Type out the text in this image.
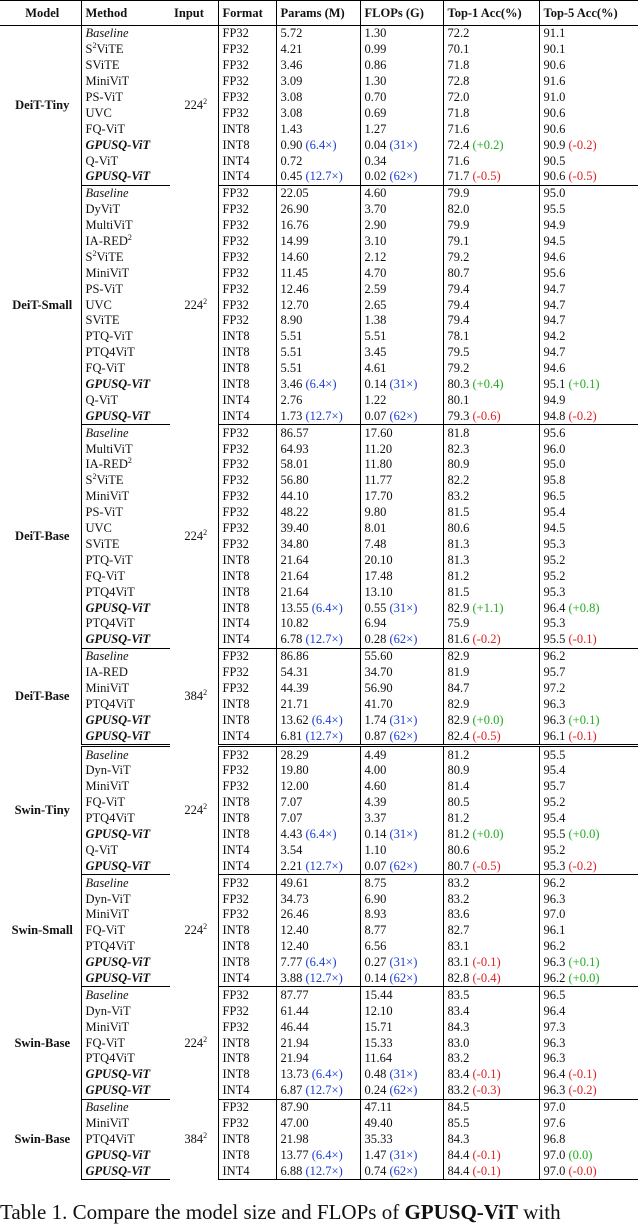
Model	Method	Input	Format	Params (M)	FLOPs (G)	Top-1 Acc(%)	Top-5 Acc(%)
DeiT-Tiny	Baseline	$224^2$	FP32	5.72	1.30	72.2	91.1
	$S^2ViTE$		FP32	4.21	0.99	70.1	90.1
	SViTE		FP32	3.46	0.86	71.8	90.6
	MiniViT		FP32	3.09	1.30	72.8	91.6
	PS-ViT		FP32	3.08	0.70	72.0	91.0
	UVC		FP32	3.08	0.69	71.8	90.6
	FQ-ViT		INT8	1.43	1.27	71.6	90.6
	GPUSQ-ViT		INT8	0.90 (6.4×)	0.04 (31×)	72.4 (+0.2)	90.9 (-0.2)
	Q-ViT		INT4	0.72	0.34	71.6	90.5
	GPUSQ-ViT		INT4	0.45 (12.7×)	0.02 (62×)	71.7 (-0.5)	90.6 (-0.5)
DeiT-Small	Baseline	$224^2$	FP32	22.05	4.60	79.9	95.0
	DyViT		FP32	26.90	3.70	82.0	95.5
	MultiViT		FP32	16.76	2.90	79.9	94.9
	IA-RED$^2$		FP32	14.99	3.10	79.1	94.5
	$S^2ViTE$		FP32	14.60	2.12	79.2	94.6
	MiniViT		FP32	11.45	4.70	80.7	95.6
	PS-ViT		FP32	12.46	2.59	79.4	94.7
	UVC		FP32	12.70	2.65	79.4	94.7
	SViTE		FP32	8.90	1.38	79.4	94.7
	PTQ-ViT		INT8	5.51	5.51	78.1	94.2
	PTQ4ViT		INT8	5.51	3.45	79.5	94.7
	FQ-ViT		INT8	5.51	4.61	79.2	94.6
	GPUSQ-ViT		INT8	3.46 (6.4×)	0.14 (31×)	80.3 (+0.4)	95.1 (+0.1)
	Q-ViT		INT4	2.76	1.22	80.1	94.9
	GPUSQ-ViT		INT4	1.73 (12.7×)	0.07 (62×)	79.3 (-0.6)	94.8 (-0.2)
DeiT-Base	Baseline	$224^2$	FP32	86.57	17.60	81.8	95.6
	MultiViT		FP32	64.93	11.20	82.3	96.0
	IA-RED$^2$		FP32	58.01	11.80	80.9	95.0
	$S^2ViTE$		FP32	56.80	11.77	82.2	95.8
	MiniViT		FP32	44.10	17.70	83.2	96.5
	PS-ViT		FP32	48.22	9.80	81.5	95.4
	UVC		FP32	39.40	8.01	80.6	94.5
	SViTE		FP32	34.80	7.48	81.3	95.3
	PTQ-ViT		INT8	21.64	20.10	81.3	95.2
	FQ-ViT		INT8	21.64	17.48	81.2	95.2
	PTQ4ViT		INT8	21.64	13.10	81.5	95.3
	GPUSQ-ViT		INT8	13.55 (6.4×)	0.55 (31×)	82.9 (+1.1)	96.4 (+0.8)
	PTQ4ViT		INT4	10.82	6.94	75.9	95.3
	GPUSQ-ViT		INT4	6.78 (12.7×)	0.28 (62×)	81.6 (-0.2)	95.5 (-0.1)
DeiT-Base	Baseline	$384^2$	FP32	86.86	55.60	82.9	96.2
	IA-RED		FP32	54.31	34.70	81.9	95.7
	MiniViT		FP32	44.39	56.90	84.7	97.2
	PTQ4ViT		INT8	21.71	41.70	82.9	96.3
	GPUSQ-ViT		INT8	13.62 (6.4×)	1.74 (31×)	82.9 (+0.0)	96.3 (+0.1)
	GPUSQ-ViT		INT4	6.81 (12.7×)	0.87 (62×)	82.4 (-0.5)	96.1 (-0.1)
Swin-Tiny	Baseline	$224^2$	FP32	28.29	4.49	81.2	95.5
	Dyn-ViT		FP32	19.80	4.00	80.9	95.4
	MiniViT		FP32	12.00	4.60	81.4	95.7
	FQ-ViT		INT8	7.07	4.39	80.5	95.2
	PTQ4ViT		INT8	7.07	3.37	81.2	95.4
	GPUSQ-ViT		INT8	4.43 (6.4×)	0.14 (31×)	81.2 (+0.0)	95.5 (+0.0)
	Q-ViT		INT4	3.54	1.10	80.6	95.2
	GPUSQ-ViT		INT4	2.21 (12.7×)	0.07 (62×)	80.7 (-0.5)	95.3 (-0.2)
Swin-Small	Baseline	$224^2$	FP32	49.61	8.75	83.2	96.2
	Dyn-ViT		FP32	34.73	6.90	83.2	96.3
	MiniViT		FP32	26.46	8.93	83.6	97.0
	FQ-ViT		INT8	12.40	8.77	82.7	96.1
	PTQ4ViT		INT8	12.40	6.56	83.1	96.2
	GPUSQ-ViT		INT8	7.77 (6.4×)	0.27 (31×)	83.1 (-0.1)	96.3 (+0.1)
	GPUSQ-ViT		INT4	3.88 (12.7×)	0.14 (62×)	82.8 (-0.4)	96.2 (+0.0)
Swin-Base	Baseline	$224^2$	FP32	87.77	15.44	83.5	96.5
	Dyn-ViT		FP32	61.44	12.10	83.4	96.4
	MiniViT		FP32	46.44	15.71	84.3	97.3
	FQ-ViT		INT8	21.94	15.33	83.0	96.3
	PTQ4ViT		INT8	21.94	11.64	83.2	96.3
	GPUSQ-ViT		INT8	13.73 (6.4×)	0.48 (31×)	83.4 (-0.1)	96.4 (-0.1)
	GPUSQ-ViT		INT4	6.87 (12.7×)	0.24 (62×)	83.2 (-0.3)	96.3 (-0.2)
Swin-Base	Baseline	$384^2$	FP32	87.90	47.11	84.5	97.0
	MiniViT		FP32	47.00	49.40	85.5	97.6
	PTQ4ViT		INT8	21.98	35.33	84.3	96.8
	GPUSQ-ViT		INT8	13.77 (6.4×)	1.47 (31×)	84.4 (-0.1)	97.0 (0.0)
	GPUSQ-ViT		INT4	6.88 (12.7×)	0.74 (62×)	84.4 (-0.1)	97.0 (-0.0)
Table 1. Compare the model size and FLOPs of GPUSQ-ViT with
